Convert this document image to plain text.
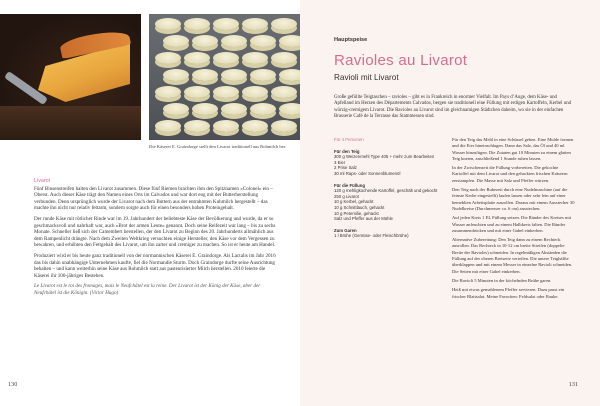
Die Käserei E. Graindorge stellt den Livarot traditionell aus Rohmilch her.
Livarot

Fünf Binsenstreifen halten den Livarot zusammen. Diese fünf Riemen brachten ihm den Spitznamen »Colonel« ein – Oberst. Auch dieser Käse trägt den Namen eines Orts im Calvados und war dort eng mit der Butterherstellung verbunden. Denn ursprünglich wurde der Livarot nach dem Buttern aus der entrahmten Kuhmilch hergestellt – das machte ihn nicht nur relativ fettarm, sondern sorgte auch für einen besonders hohen Proteingehalt.

Der runde Käse mit rötlicher Rinde war im 19. Jahrhundert der beliebteste Käse der Bevölkerung und wurde, da er so geschmacksvoll und nahrhaft war, auch »Brot der armen Leute« genannt. Doch seine Reifezeit war lang – bis zu sechs Monate. Schneller ließ sich der Camembert herstellen, der den Livarot zu Beginn des 20. Jahrhunderts allmählich aus dem Rampenlicht drängte. Nach dem Zweiten Weltkrieg versuchten einige Hersteller, den Käse vor dem Vergessen zu bewahren, und erhöhten den Fettgehalt des Livarot, um ihn zarter und cremiger zu machen. So ist er heute am Handel.

Produziert wird er bis heute ganz traditionell von der normannischen Käserei E. Graindorge. Als Lactalis im Jahr 2016 das bis dahin unabhängige Unternehmen kaufte, fiel die Normandie Sturm. Doch Graindorge durfte seine Ausrichtung behalten – und kann weiterhin seine Käse aus Rohmilch statt aus pasteurisierter Milch herstellen. 2010 feierte die Käserei ihr 100-jähriges Bestehen.

Le Livarot est le roi des fromages, mais le Neufchâtel est la reine. Der Livarot ist der König der Käse, aber der Neufchâtel ist die Königin. (Victor Hugo)
130
Hauptspeise
Ravioles au Livarot
Ravioli mit Livarot
Große gefüllte Teigtaschen – ravioles – gibt es in Frankreich in enormer Vielfalt. Im Pays d’Auge, dem Käse- und Apfelland im Herzen des Départements Calvados, bergen sie traditionell eine Füllung mit erdigen Kartoffeln, Kerbel und würzig-cremigem Livarot. Die Ravioles au Livarot sind im gleichnamigen Städtchen daheim, wo sie in der einfachen Brasserie Café de la Terrasse das Stammessen sind.
Für 4 Personen
Für den Teig
300 g Weizenmehl Type 405 + mehr zum Bearbeiten
3 Eier
2 Prise Salz
30 ml Raps- oder Sonnenblumenöl
Für die Füllung
120 g mehligkochende Kartoffel, geschält und gekocht
250 g Livarot
10 g Kerbel, gehackt
10 g Schnittlauch, gehackt
10 g Petersilie, gehackt
Salz und Pfeffer aus der Mühle
Zum Garen
1 l Brühe (Gemüse- oder Fleischbrühe)

Für den Teig das Mehl in eine Schüssel geben. Eine Mulde formen und die Eier hineinschlagen. Dann das Salz, das Öl und 40 ml Wasser hinzufügen. Die Zutaten gut 10 Minuten zu einem glatten Teig kneten, anschließend 1 Stunde ruhen lassen.

In der Zwischenzeit die Füllung vorbereiten. Die gekochte Kartoffel mit dem Livarot und den gehackten frischen Kräutern zerstampfen. Die Masse mit Salz und Pfeffer würzen.

Den Teig nach der Ruhezeit durch eine Nudelmaschine (auf die feinste Kerbe eingestellt) laufen lassen oder sehr fein auf einer bemehlten Arbeitsplatte ausrollen. Daraus mit einem Ausstecher 30 Nudelkreise (Durchmesser ca. 6 cm) ausstechen.

Auf jeden Kreis 1 EL Füllung setzen. Die Ränder des Kreises mit Wasser anfeuchten und zu einem Halbkreis falten. Die Ränder zusammendrücken und mit einer Gabel einkerben.

Alternative Zubereitung: Den Teig dann zu einem Rechteck ausrollen. Das Rechteck in 10-12 cm breite Streifen (doppelte Breite der Ravioles) schneiden. In regelmäßigen Abständen die Füllung auf der oberen Bretseite verteilen. Die untere Teighälfte überklappen und mit einem Messer in einzelne Ravioli schneiden. Die Seiten mit einer Gabel einkerben.

Die Ravioli 5 Minuten in der köchelnden Brühe garen.

Heiß mit etwas gemahlenem Pfeffer servieren. Dazu passt ein frischer Blattsalat. Meine Favoriten: Feldsalat oder Rauke.

131
